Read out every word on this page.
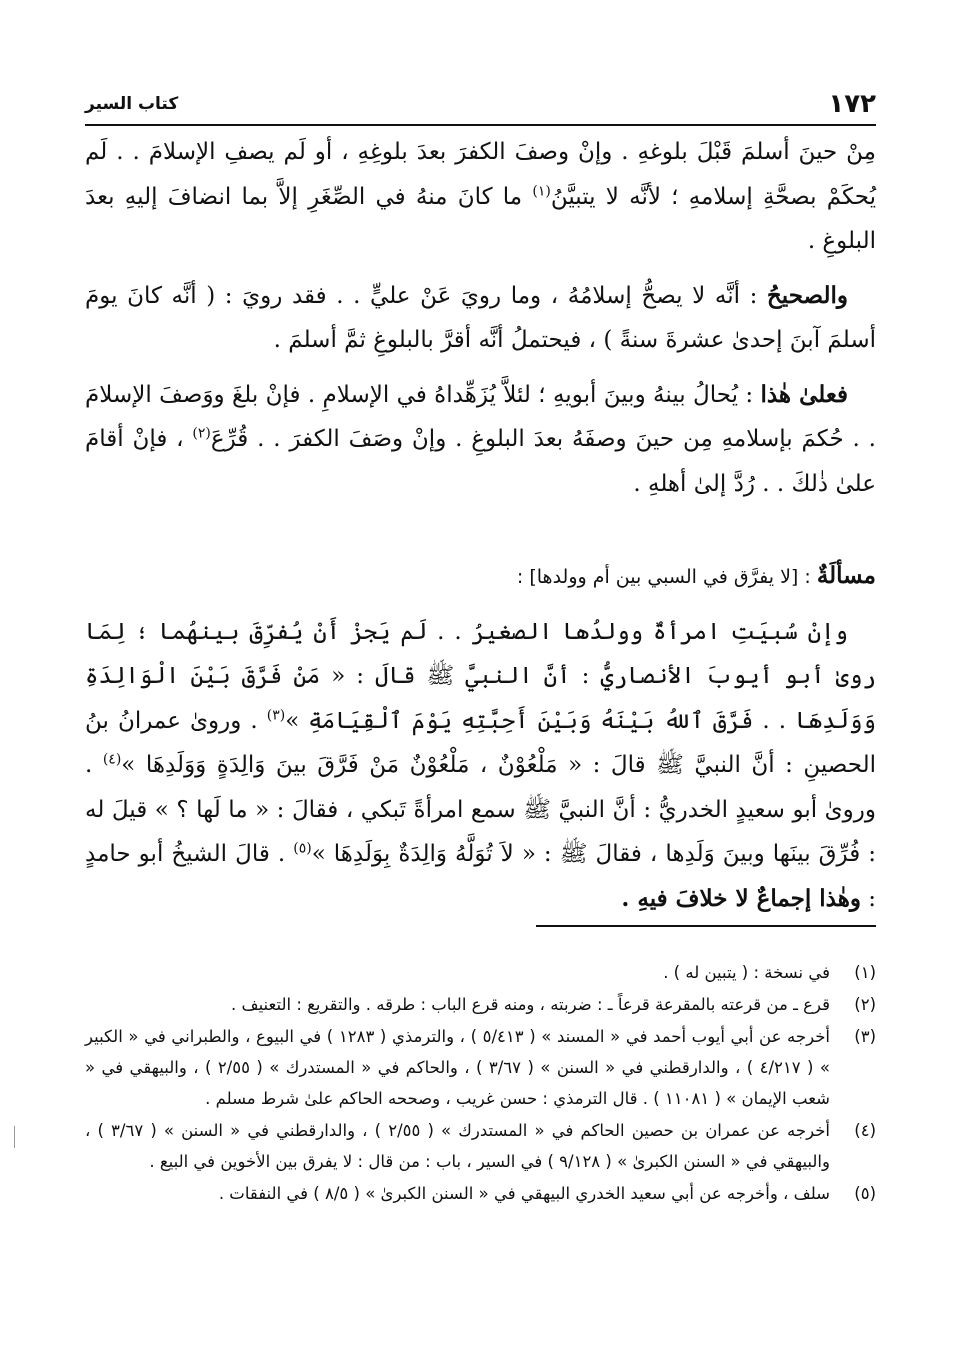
١٧٢
كتاب السير

مِنْ حينَ أسلمَ قَبْلَ بلوغهِ . وإنْ وصفَ الكفرَ بعدَ بلوغِهِ ، أو لَم يصفِ الإسلامَ . . لَم يُحكَمْ بصحَّةِ إسلامهِ ؛ لأنَّه لا يتبيَّنُ$^{(١)}$ ما كانَ منهُ في الصِّغَرِ إلاَّ بما انضافَ إليهِ بعدَ البلوغِ .

والصحيحُ : أنَّه لا يصحُّ إسلامُهُ ، وما رويَ عَنْ عليٍّ . . فقد رويَ : ( أنَّه كانَ يومَ أسلمَ آبنَ إحدىٰ عشرةَ سنةً ) ، فيحتملُ أنَّه أقرَّ بالبلوغِ ثمَّ أسلمَ .

فعلىٰ هٰذا : يُحالُ بينهُ وبينَ أبويهِ ؛ لئلاَّ يُزَهِّداهُ في الإسلامِ . فإنْ بلغَ ووَصفَ الإسلامَ . . حُكمَ بإسلامهِ مِن حينَ وصفَهُ بعدَ البلوغِ . وإنْ وصَفَ الكفرَ . . قُرِّعَ$^{(٢)}$ ، فإنْ أقامَ علىٰ ذٰلكَ . . رُدَّ إلىٰ أهلهِ .

مسألَةٌ : [لا يفرَّق في السبي بين أم وولدها] :

وإنْ سُبيَتِ امرأةٌ وولدُها الصغيرُ . . لَم يَجزْ أَنْ يُفرِّقَ بينهُما ؛ لِمَا روىٰ أبو أيوبَ الأنصاريُّ : أنَّ النبيَّ ﷺ قالَ : « مَنْ فَرَّقَ بَيْنَ الْوَالِدَةِ وَوَلَدِهَا . . فَرَّقَ ٱللهُ بَيْنَهُ وَبَيْنَ أَحِبَّتِهِ يَوْمَ ٱلْقِيَامَةِ »$^{(٣)}$ . وروىٰ عمرانُ بنُ الحصينِ : أنَّ النبيَّ ﷺ قالَ : « مَلْعُوْنٌ ، مَلْعُوْنٌ مَنْ فَرَّقَ بينَ وَالِدَةٍ وَوَلَدِهَا »$^{(٤)}$ . وروىٰ أبو سعيدٍ الخدريُّ : أنَّ النبيَّ ﷺ سمع امرأةً تَبكي ، فقالَ : « ما لَها ؟ » قيلَ له : فُرِّقَ بينَها وبينَ وَلَدِها ، فقالَ ﷺ : « لاَ تُوَلَّهُ وَالِدَةٌ بِوَلَدِهَا »$^{(٥)}$ . قالَ الشيخُ أبو حامدٍ : وهٰذا إجماعٌ لا خلافَ فيهِ .

(١)
في نسخة : ( يتبين له ) .
(٢)
قرع ـ من قرعته بالمقرعة قرعاً ـ : ضربته ، ومنه قرع الباب : طرقه . والتقريع : التعنيف .
(٣)
أخرجه عن أبي أيوب أحمد في « المسند » ( ٥/٤١٣ ) ، والترمذي ( ١٢٨٣ ) في البيوع ، والطبراني في « الكبير » ( ٤/٢١٧ ) ، والدارقطني في « السنن » ( ٣/٦٧ ) ، والحاكم في « المستدرك » ( ٢/٥٥ ) ، والبيهقي في « شعب الإيمان » ( ١١٠٨١ ) . قال الترمذي : حسن غريب ، وصححه الحاكم علىٰ شرط مسلم .
(٤)
أخرجه عن عمران بن حصين الحاكم في « المستدرك » ( ٢/٥٥ ) ، والدارقطني في « السنن » ( ٣/٦٧ ) ، والبيهقي في « السنن الكبرىٰ » ( ٩/١٢٨ ) في السير ، باب : من قال : لا يفرق بين الأخوين في البيع .
(٥)
سلف ، وأخرجه عن أبي سعيد الخدري البيهقي في « السنن الكبرىٰ » ( ٨/٥ ) في النفقات .
